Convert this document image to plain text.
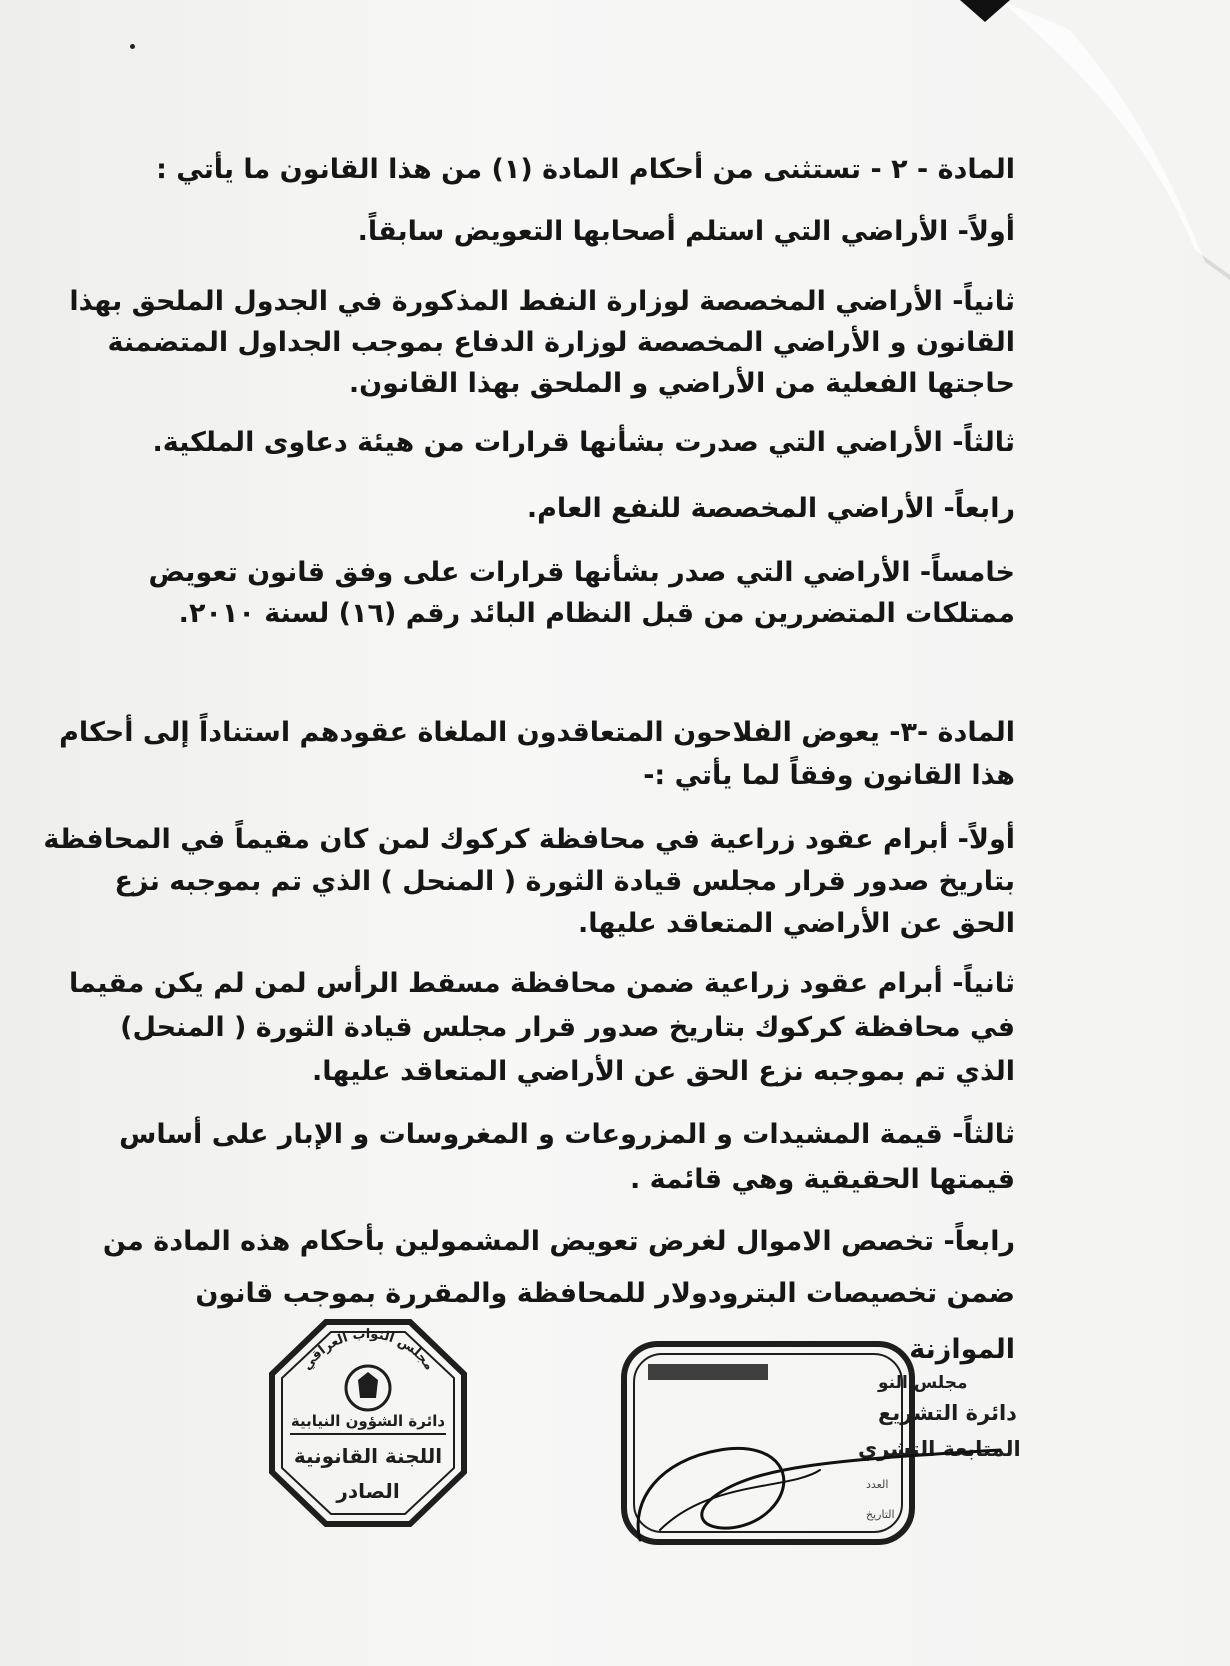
المادة - ٢ - تستثنى من أحكام المادة (١) من هذا القانون ما يأتي :
أولاً- الأراضي التي استلم أصحابها التعويض سابقاً.
ثانياً- الأراضي المخصصة لوزارة النفط المذكورة في الجدول الملحق بهذا
القانون و الأراضي المخصصة لوزارة الدفاع بموجب الجداول المتضمنة
حاجتها الفعلية من الأراضي و الملحق بهذا القانون.
ثالثاً- الأراضي التي صدرت بشأنها قرارات من هيئة دعاوى الملكية.
رابعاً- الأراضي المخصصة للنفع العام.
خامساً- الأراضي التي صدر بشأنها قرارات على وفق قانون تعويض
ممتلكات المتضررين من قبل النظام البائد رقم (١٦) لسنة ٢٠١٠.
المادة -٣- يعوض الفلاحون المتعاقدون الملغاة عقودهم استناداً إلى أحكام
هذا القانون وفقاً لما يأتي :-
أولاً- أبرام عقود زراعية في محافظة كركوك لمن كان مقيماً في المحافظة
بتاريخ صدور قرار مجلس قيادة الثورة ( المنحل ) الذي تم بموجبه نزع
الحق عن الأراضي المتعاقد عليها.
ثانياً- أبرام عقود زراعية ضمن محافظة مسقط الرأس لمن لم يكن مقيما
في محافظة كركوك بتاريخ صدور قرار مجلس قيادة الثورة ( المنحل)
الذي تم بموجبه نزع الحق عن الأراضي المتعاقد عليها.
ثالثاً- قيمة المشيدات و المزروعات و المغروسات و الإبار على أساس
قيمتها الحقيقية وهي قائمة .
رابعاً- تخصص الاموال لغرض تعويض المشمولين بأحكام هذه المادة من
ضمن تخصيصات البترودولار للمحافظة والمقررة بموجب قانون
الموازنة
مجلس النواب العراقي
دائرة الشؤون النيابية
اللجنة القانونية
الصادر
مجلس النو
دائرة التشريع
المتابعة التشري
العدد
التاريخ
